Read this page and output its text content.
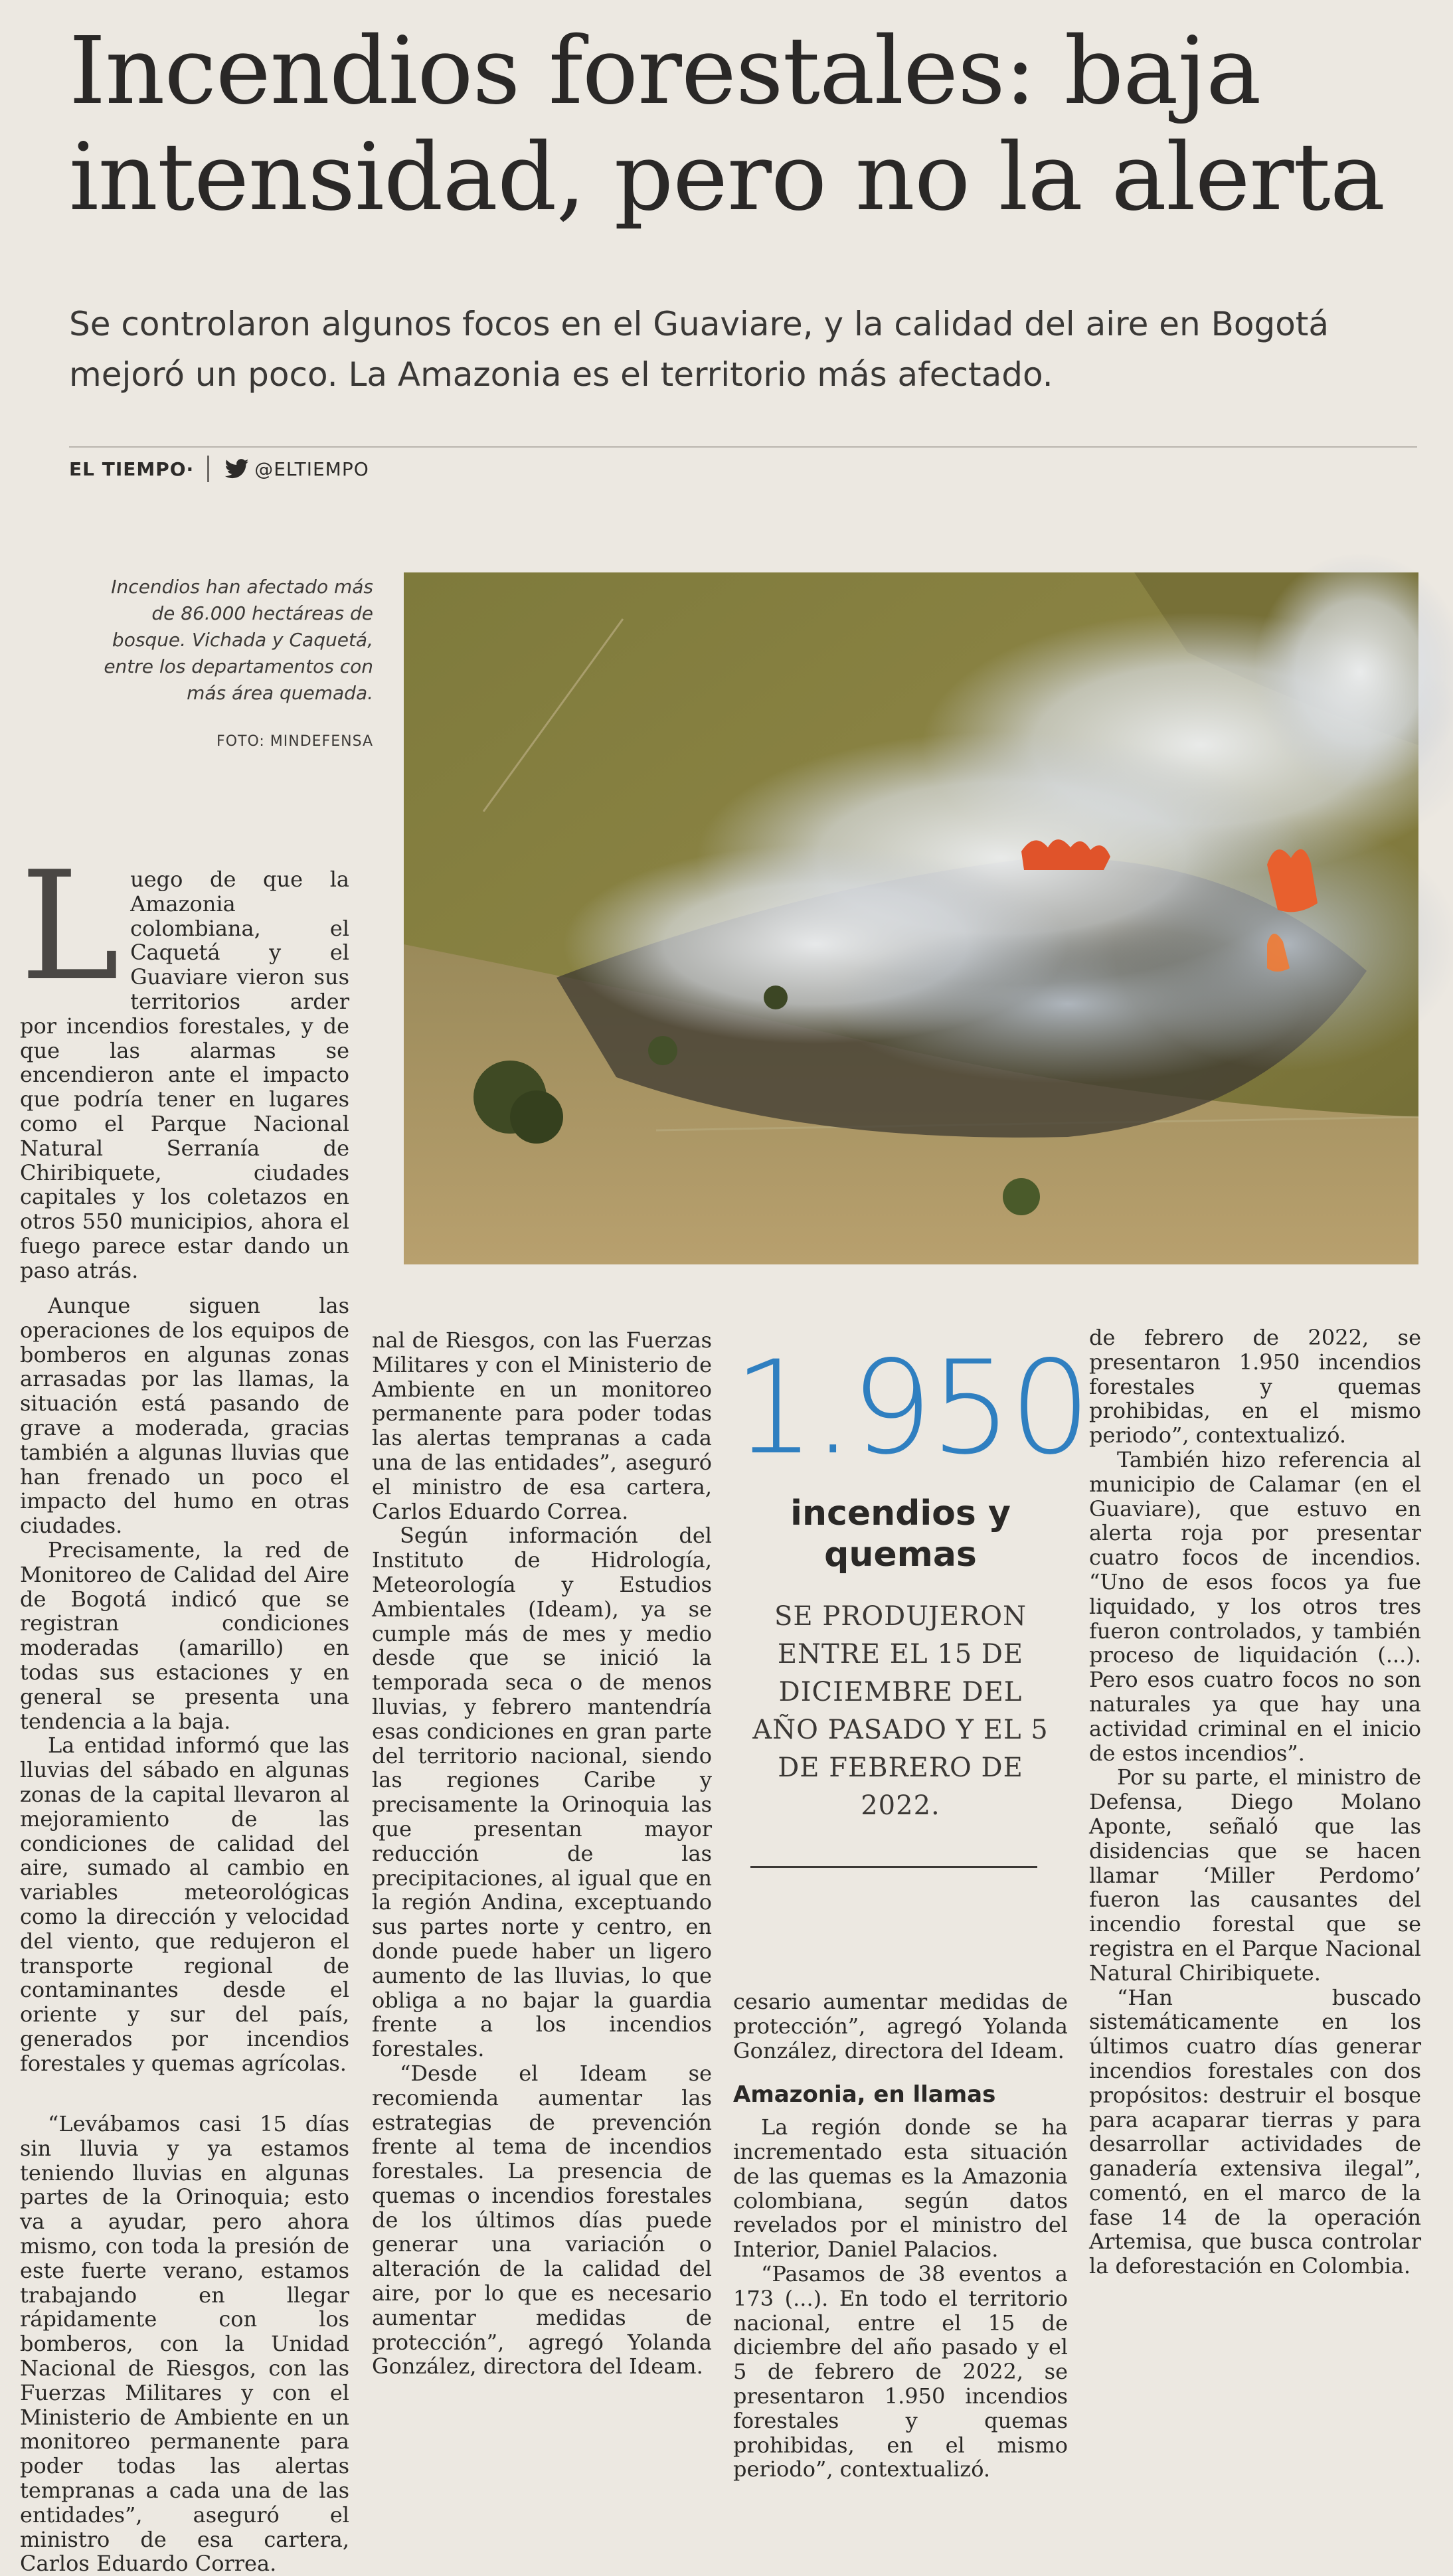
Incendios forestales: baja intensidad, pero no la alerta

Se controlaron algunos focos en el Guaviare, y la calidad del aire en Bogotá mejoró un poco. La Amazonia es el territorio más afectado.

EL TIEMPO·	@ELTIEMPO
Incendios han afectado más de 86.000 hectáreas de bosque. Vichada y Caquetá, entre los departamentos con más área quemada.
FOTO: MINDEFENSA

Luego de que la Amazonia colombiana, el Caquetá y el Guaviare vieron sus territorios arder por incendios forestales, y de que las alarmas se encendieron ante el impacto que podría tener en lugares como el Parque Nacional Natural Serranía de Chiribiquete, ciudades capitales y los coletazos en otros 550 municipios, ahora el fuego parece estar dando un paso atrás.

Aunque siguen las operaciones de los equipos de bomberos en algunas zonas arrasadas por las llamas, la situación está pasando de grave a moderada, gracias también a algunas lluvias que han frenado un poco el impacto del humo en otras ciudades.

Precisamente, la red de Monitoreo de Calidad del Aire de Bogotá indicó que se registran condiciones moderadas (amarillo) en todas sus estaciones y en general se presenta una tendencia a la baja.

La entidad informó que las lluvias del sábado en algunas zonas de la capital llevaron al mejoramiento de las condiciones de calidad del aire, sumado al cambio en variables meteorológicas como la dirección y velocidad del viento, que redujeron el transporte regional de contaminantes desde el oriente y sur del país, generados por incendios forestales y quemas agrícolas.

nal de Riesgos, con las Fuerzas Militares y con el Ministerio de Ambiente en un monitoreo permanente para poder todas las alertas tempranas a cada una de las entidades”, aseguró el ministro de esa cartera, Carlos Eduardo Correa.

Según información del Instituto de Hidrología, Meteorología y Estudios Ambientales (Ideam), ya se cumple más de mes y medio desde que se inició la temporada seca o de menos lluvias, y febrero mantendría esas condiciones en gran parte del territorio nacional, siendo las regiones Caribe y precisamente la Orinoquia las que presentan mayor reducción de las precipitaciones, al igual que en la región Andina, exceptuando sus partes norte y centro, en donde puede haber un ligero aumento de las lluvias, lo que obliga a no bajar la guardia frente a los incendios forestales.

“Desde el Ideam se recomienda aumentar las estrategias de prevención frente al tema de incendios forestales. La presencia de quemas o incendios forestales de los últimos días puede generar una variación o alteración de la calidad del aire, por lo que es necesario aumentar medidas de protección”, agregó Yolanda González, directora del Ideam.

1.950
incendios y quemas
SE PRODUJERON ENTRE EL 15 DE DICIEMBRE DEL AÑO PASADO Y EL 5 DE FEBRERO DE 2022.

cesario aumentar medidas de protección”, agregó Yolanda González, directora del Ideam.

Amazonia, en llamas

La región donde se ha incrementado esta situación de las quemas es la Amazonia colombiana, según datos revelados por el ministro del Interior, Daniel Palacios.

“Pasamos de 38 eventos a 173 (...). En todo el territorio nacional, entre el 15 de diciembre del año pasado y el 5 de febrero de 2022, se presentaron 1.950 incendios forestales y quemas prohibidas, en el mismo periodo”, contextualizó.

de febrero de 2022, se presentaron 1.950 incendios forestales y quemas prohibidas, en el mismo periodo”, contextualizó.

También hizo referencia al municipio de Calamar (en el Guaviare), que estuvo en alerta roja por presentar cuatro focos de incendios. “Uno de esos focos ya fue liquidado, y los otros tres fueron controlados, y también proceso de liquidación (...). Pero esos cuatro focos no son naturales ya que hay una actividad criminal en el inicio de estos incendios”.

Por su parte, el ministro de Defensa, Diego Molano Aponte, señaló que las disidencias que se hacen llamar ‘Miller Perdomo’ fueron las causantes del incendio forestal que se registra en el Parque Nacional Natural Chiribiquete.

“Han buscado sistemáticamente en los últimos cuatro días generar incendios forestales con dos propósitos: destruir el bosque para acaparar tierras y para desarrollar actividades de ganadería extensiva ilegal”, comentó, en el marco de la fase 14 de la operación Artemisa, que busca controlar la deforestación en Colombia.

“Levábamos casi 15 días sin lluvia y ya estamos teniendo lluvias en algunas partes de la Orinoquia; esto va a ayudar, pero ahora mismo, con toda la presión de este fuerte verano, estamos trabajando en llegar rápidamente con los bomberos, con la Unidad Nacional de Riesgos, con las Fuerzas Militares y con el Ministerio de Ambiente en un monitoreo permanente para poder todas las alertas tempranas a cada una de las entidades”, aseguró el ministro de esa cartera, Carlos Eduardo Correa.
